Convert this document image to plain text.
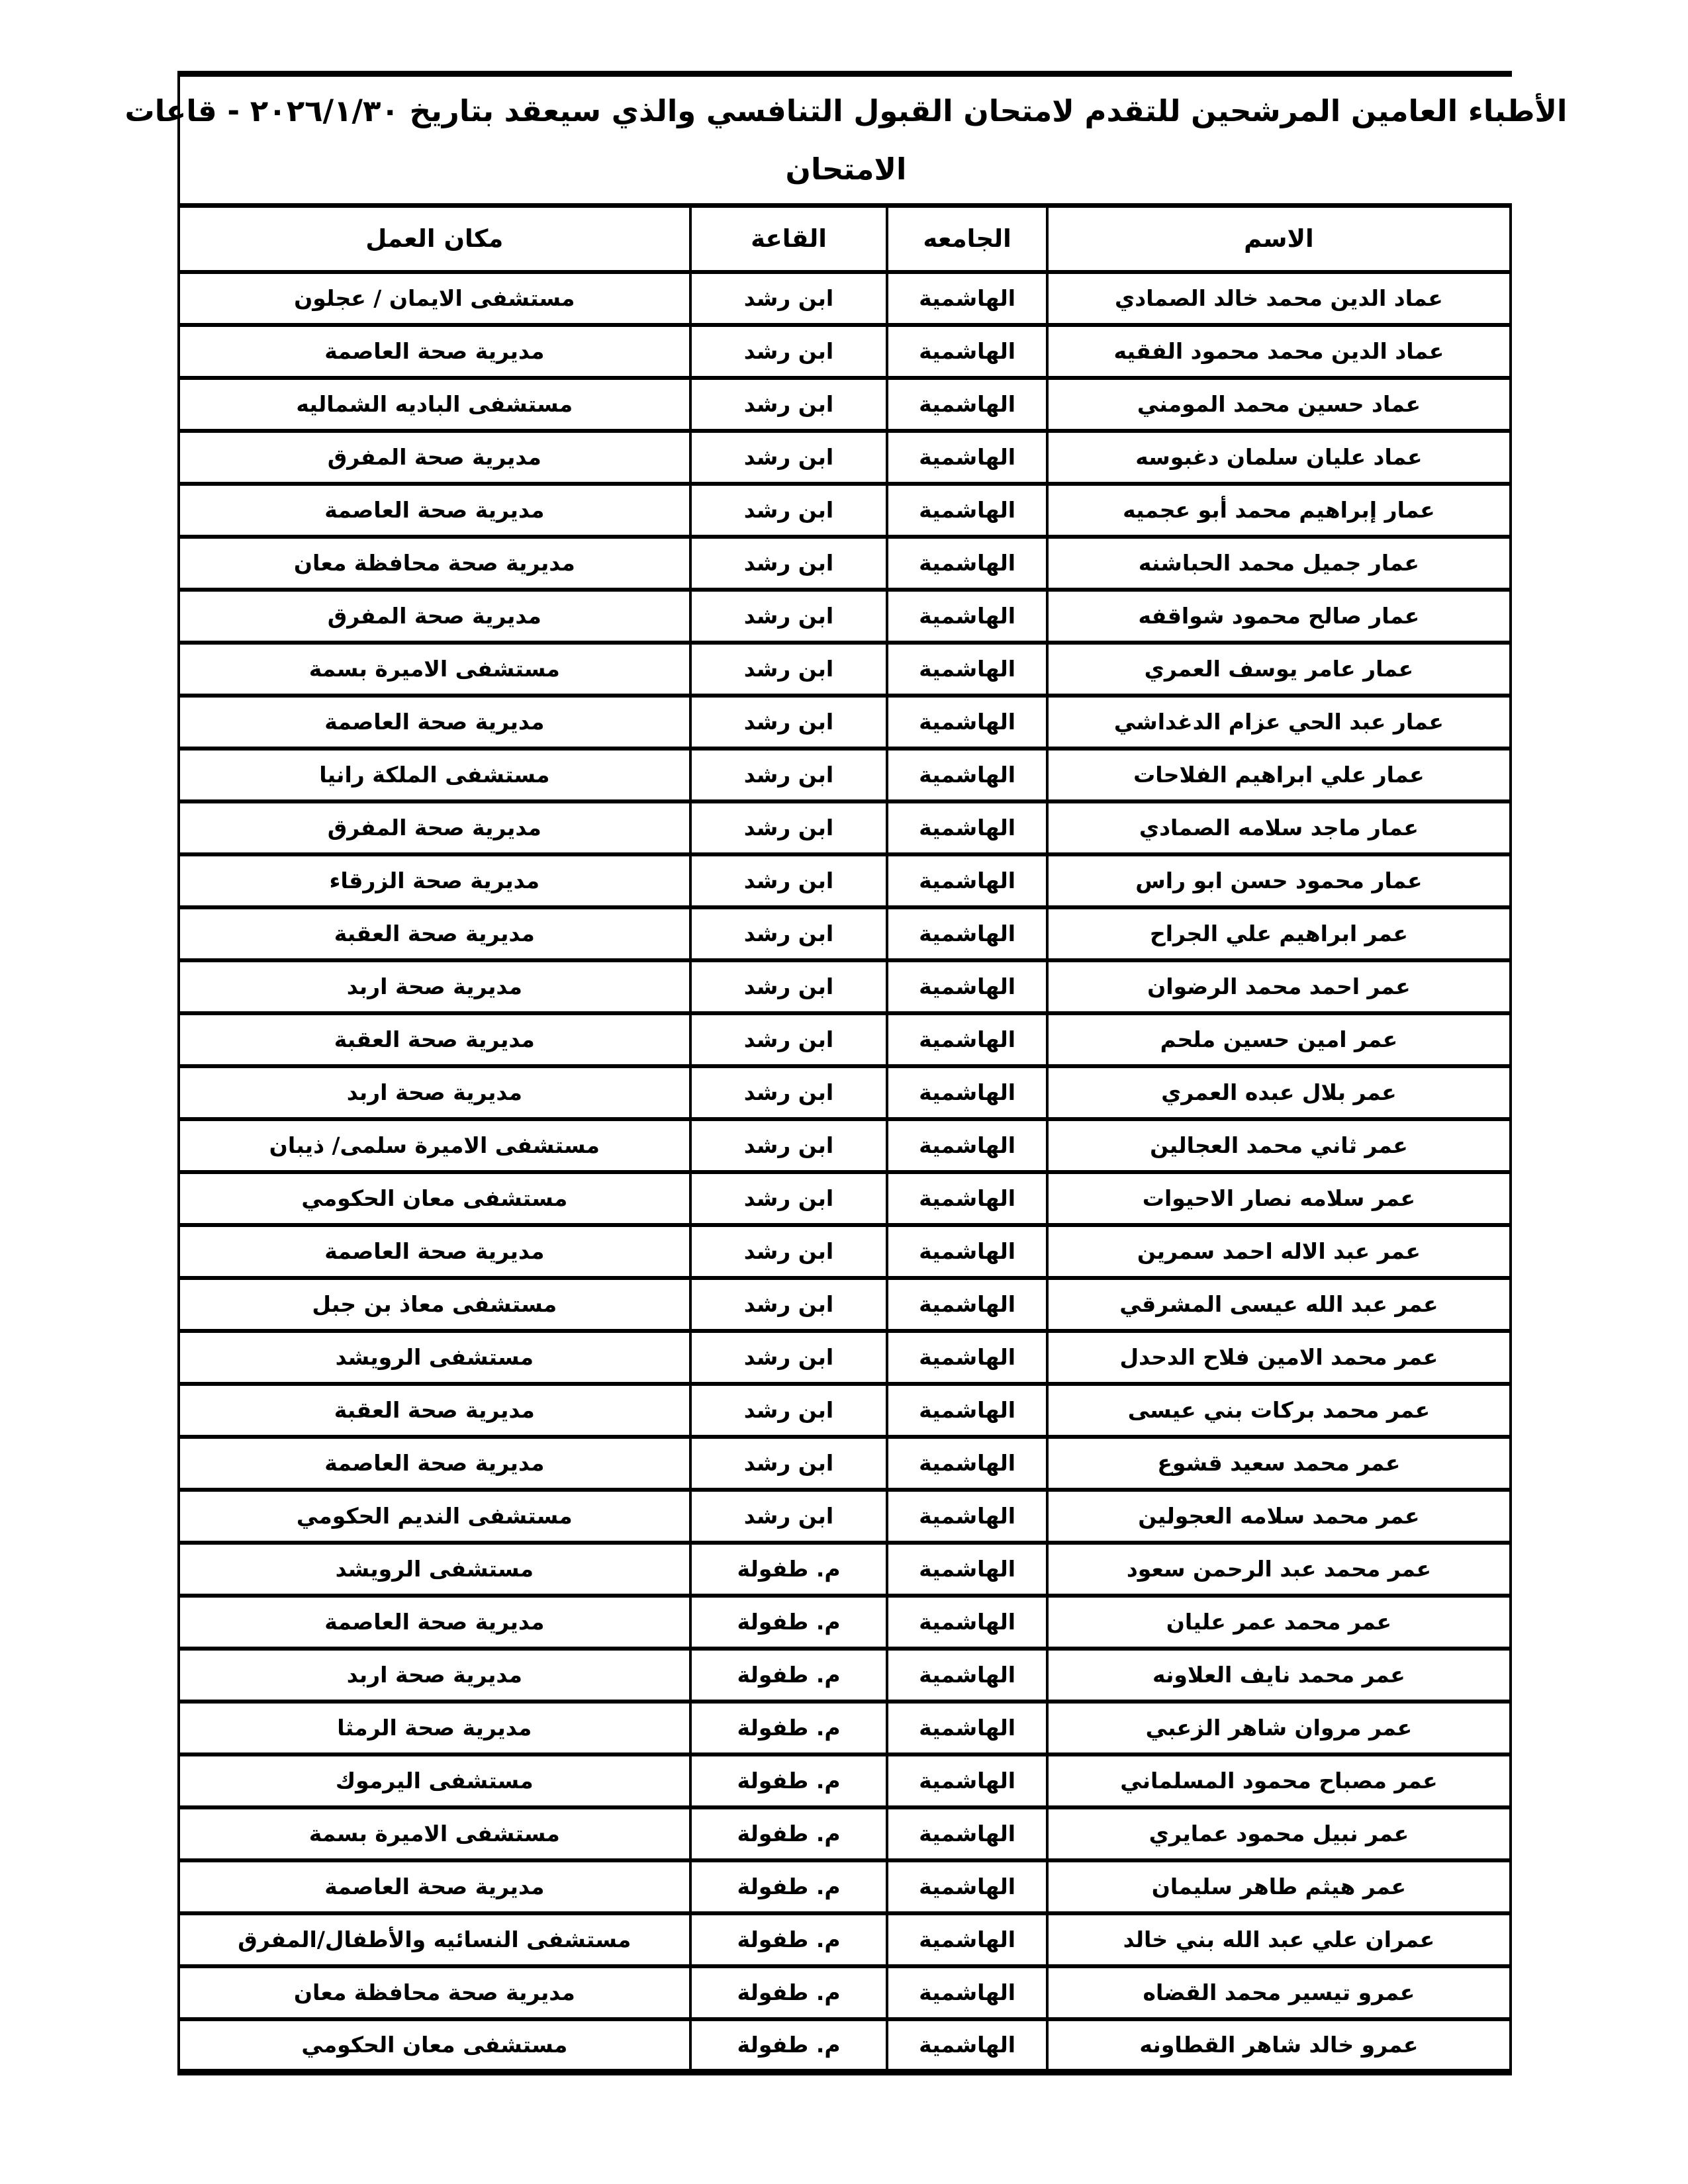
الأطباء العامين المرشحين للتقدم لامتحان القبول التنافسي والذي سيعقد بتاريخ ٢٠٢٦/١/٣٠ - قاعات
الامتحان
الاسم	الجامعه	القاعة	مكان العمل
عماد الدين محمد خالد الصمادي	الهاشمية	ابن رشد	مستشفى الايمان / عجلون
عماد الدين محمد محمود الفقيه	الهاشمية	ابن رشد	مديرية صحة العاصمة
عماد حسين محمد المومني	الهاشمية	ابن رشد	مستشفى الباديه الشماليه
عماد عليان سلمان دغبوسه	الهاشمية	ابن رشد	مديرية صحة المفرق
عمار إبراهيم محمد أبو عجميه	الهاشمية	ابن رشد	مديرية صحة العاصمة
عمار جميل محمد الحباشنه	الهاشمية	ابن رشد	مديرية صحة محافظة معان
عمار صالح محمود شواقفه	الهاشمية	ابن رشد	مديرية صحة المفرق
عمار عامر يوسف العمري	الهاشمية	ابن رشد	مستشفى الاميرة بسمة
عمار عبد الحي عزام الدغداشي	الهاشمية	ابن رشد	مديرية صحة العاصمة
عمار علي ابراهيم الفلاحات	الهاشمية	ابن رشد	مستشفى الملكة رانيا
عمار ماجد سلامه الصمادي	الهاشمية	ابن رشد	مديرية صحة المفرق
عمار محمود حسن ابو راس	الهاشمية	ابن رشد	مديرية صحة الزرقاء
عمر ابراهيم علي الجراح	الهاشمية	ابن رشد	مديرية صحة العقبة
عمر احمد محمد الرضوان	الهاشمية	ابن رشد	مديرية صحة اربد
عمر امين حسين ملحم	الهاشمية	ابن رشد	مديرية صحة العقبة
عمر بلال عبده العمري	الهاشمية	ابن رشد	مديرية صحة اربد
عمر ثاني محمد العجالين	الهاشمية	ابن رشد	مستشفى الاميرة سلمى/ ذيبان
عمر سلامه نصار الاحيوات	الهاشمية	ابن رشد	مستشفى معان الحكومي
عمر عبد الاله احمد سمرين	الهاشمية	ابن رشد	مديرية صحة العاصمة
عمر عبد الله عيسى المشرقي	الهاشمية	ابن رشد	مستشفى معاذ بن جبل
عمر محمد الامين فلاح الدحدل	الهاشمية	ابن رشد	مستشفى الرويشد
عمر محمد بركات بني عيسى	الهاشمية	ابن رشد	مديرية صحة العقبة
عمر محمد سعيد قشوع	الهاشمية	ابن رشد	مديرية صحة العاصمة
عمر محمد سلامه العجولين	الهاشمية	ابن رشد	مستشفى النديم الحكومي
عمر محمد عبد الرحمن سعود	الهاشمية	م. طفولة	مستشفى الرويشد
عمر محمد عمر عليان	الهاشمية	م. طفولة	مديرية صحة العاصمة
عمر محمد نايف العلاونه	الهاشمية	م. طفولة	مديرية صحة اربد
عمر مروان شاهر الزعبي	الهاشمية	م. طفولة	مديرية صحة الرمثا
عمر مصباح محمود المسلماني	الهاشمية	م. طفولة	مستشفى اليرموك
عمر نبيل محمود عمايري	الهاشمية	م. طفولة	مستشفى الاميرة بسمة
عمر هيثم طاهر سليمان	الهاشمية	م. طفولة	مديرية صحة العاصمة
عمران علي عبد الله بني خالد	الهاشمية	م. طفولة	مستشفى النسائيه والأطفال/المفرق
عمرو تيسير محمد القضاه	الهاشمية	م. طفولة	مديرية صحة محافظة معان
عمرو خالد شاهر القطاونه	الهاشمية	م. طفولة	مستشفى معان الحكومي
